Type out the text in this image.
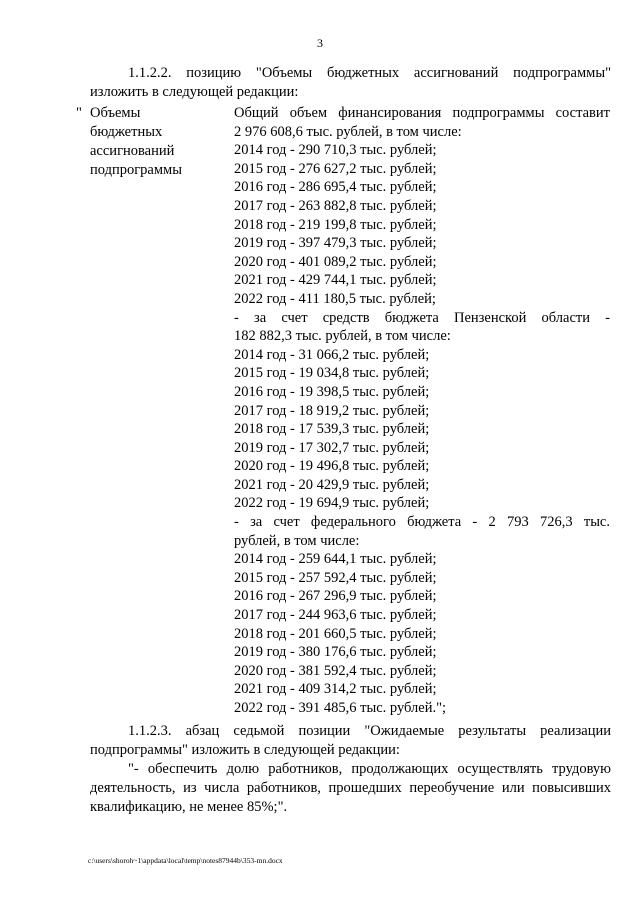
3
1.1.2.2. позицию "Объемы бюджетных ассигнований подпрограммы" изложить в следующей редакции:
" Объемы
бюджетных
ассигнований
подпрограммы
Общий объем финансирования подпрограммы составит
2 976 608,6 тыс. рублей, в том числе:
2014 год - 290 710,3 тыс. рублей;
2015 год - 276 627,2 тыс. рублей;
2016 год - 286 695,4 тыс. рублей;
2017 год - 263 882,8 тыс. рублей;
2018 год - 219 199,8 тыс. рублей;
2019 год - 397 479,3 тыс. рублей;
2020 год - 401 089,2 тыс. рублей;
2021 год - 429 744,1 тыс. рублей;
2022 год - 411 180,5 тыс. рублей;
- за счет средств бюджета Пензенской области -
182 882,3 тыс. рублей, в том числе:
2014 год - 31 066,2 тыс. рублей;
2015 год - 19 034,8 тыс. рублей;
2016 год - 19 398,5 тыс. рублей;
2017 год - 18 919,2 тыс. рублей;
2018 год - 17 539,3 тыс. рублей;
2019 год - 17 302,7 тыс. рублей;
2020 год - 19 496,8 тыс. рублей;
2021 год - 20 429,9 тыс. рублей;
2022 год - 19 694,9 тыс. рублей;
- за счет федерального бюджета - 2 793 726,3 тыс.
рублей, в том числе:
2014 год - 259 644,1 тыс. рублей;
2015 год - 257 592,4 тыс. рублей;
2016 год - 267 296,9 тыс. рублей;
2017 год - 244 963,6 тыс. рублей;
2018 год - 201 660,5 тыс. рублей;
2019 год - 380 176,6 тыс. рублей;
2020 год - 381 592,4 тыс. рублей;
2021 год - 409 314,2 тыс. рублей;
2022 год - 391 485,6 тыс. рублей.";
1.1.2.3. абзац седьмой позиции "Ожидаемые результаты реализации подпрограммы" изложить в следующей редакции:
"- обеспечить долю работников, продолжающих осуществлять трудовую деятельность, из числа работников, прошедших переобучение или повысивших квалификацию, не менее 85%;".
c:\users\shoroh~1\appdata\local\temp\notes87944b\353-mn.docx
